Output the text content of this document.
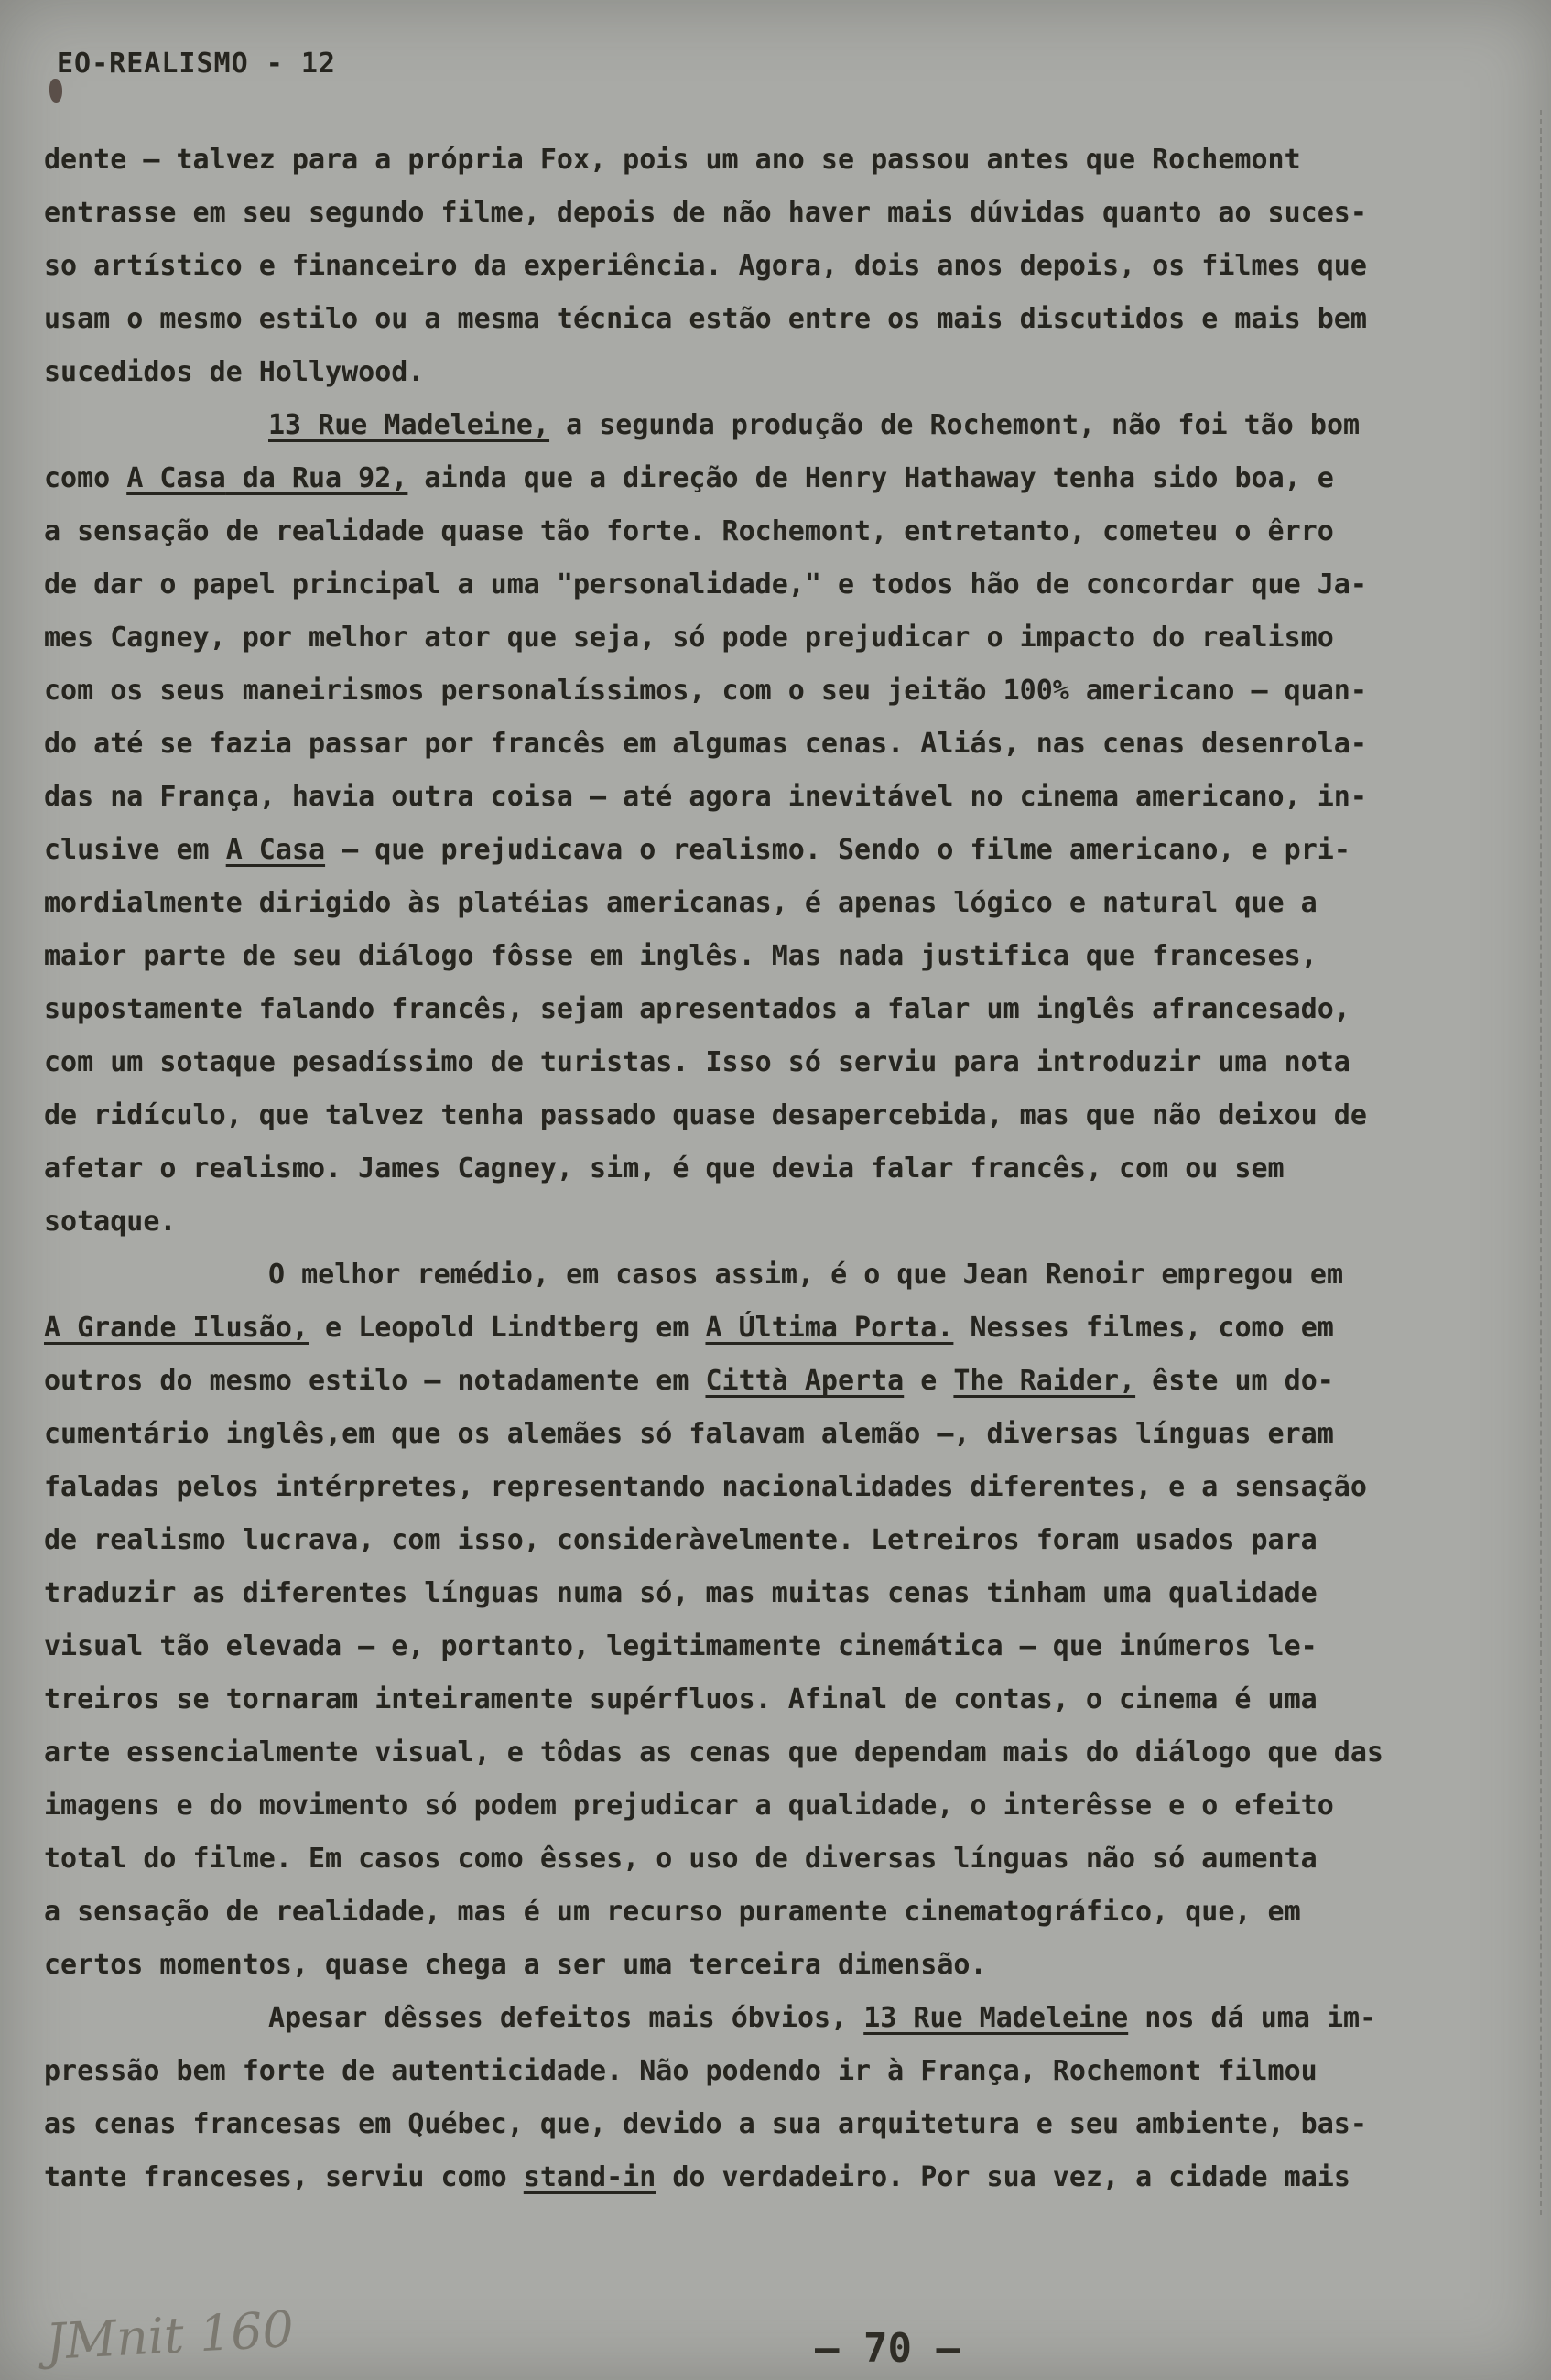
EO-REALISMO - 12
dente — talvez para a própria Fox, pois um ano se passou antes que Rochemont
entrasse em seu segundo filme, depois de não haver mais dúvidas quanto ao suces-
so artístico e financeiro da experiência. Agora, dois anos depois, os filmes que
usam o mesmo estilo ou a mesma técnica estão entre os mais discutidos e mais bem
sucedidos de Hollywood.
13 Rue Madeleine, a segunda produção de Rochemont, não foi tão bom
como A Casa da Rua 92, ainda que a direção de Henry Hathaway tenha sido boa, e
a sensação de realidade quase tão forte. Rochemont, entretanto, cometeu o êrro
de dar o papel principal a uma "personalidade," e todos hão de concordar que Ja-
mes Cagney, por melhor ator que seja, só pode prejudicar o impacto do realismo
com os seus maneirismos personalíssimos, com o seu jeitão 100% americano — quan-
do até se fazia passar por francês em algumas cenas. Aliás, nas cenas desenrola-
das na França, havia outra coisa — até agora inevitável no cinema americano, in-
clusive em A Casa — que prejudicava o realismo. Sendo o filme americano, e pri-
mordialmente dirigido às platéias americanas, é apenas lógico e natural que a
maior parte de seu diálogo fôsse em inglês. Mas nada justifica que franceses,
supostamente falando francês, sejam apresentados a falar um inglês afrancesado,
com um sotaque pesadíssimo de turistas. Isso só serviu para introduzir uma nota
de ridículo, que talvez tenha passado quase desapercebida, mas que não deixou de
afetar o realismo. James Cagney, sim, é que devia falar francês, com ou sem
sotaque.
O melhor remédio, em casos assim, é o que Jean Renoir empregou em
A Grande Ilusão, e Leopold Lindtberg em A Última Porta. Nesses filmes, como em
outros do mesmo estilo — notadamente em Città Aperta e The Raider, êste um do-
cumentário inglês,em que os alemães só falavam alemão —, diversas línguas eram
faladas pelos intérpretes, representando nacionalidades diferentes, e a sensação
de realismo lucrava, com isso, consideràvelmente. Letreiros foram usados para
traduzir as diferentes línguas numa só, mas muitas cenas tinham uma qualidade
visual tão elevada — e, portanto, legitimamente cinemática — que inúmeros le-
treiros se tornaram inteiramente supérfluos. Afinal de contas, o cinema é uma
arte essencialmente visual, e tôdas as cenas que dependam mais do diálogo que das
imagens e do movimento só podem prejudicar a qualidade, o interêsse e o efeito
total do filme. Em casos como êsses, o uso de diversas línguas não só aumenta
a sensação de realidade, mas é um recurso puramente cinematográfico, que, em
certos momentos, quase chega a ser uma terceira dimensão.
Apesar dêsses defeitos mais óbvios, 13 Rue Madeleine nos dá uma im-
pressão bem forte de autenticidade. Não podendo ir à França, Rochemont filmou
as cenas francesas em Québec, que, devido a sua arquitetura e seu ambiente, bas-
tante franceses, serviu como stand-in do verdadeiro. Por sua vez, a cidade mais
JMnit 160	— 70 —
